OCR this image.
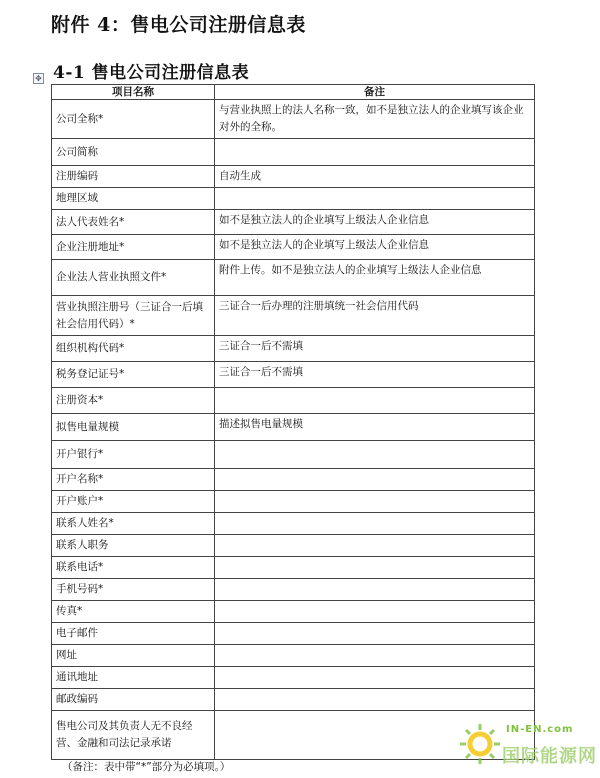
附件 4：售电公司注册信息表
✥ 4-1 售电公司注册信息表
项目名称	备注
公司全称*	与营业执照上的法人名称一致，如不是独立法人的企业填写该企业对外的全称。
公司简称	
注册编码	自动生成
地理区域	
法人代表姓名*	如不是独立法人的企业填写上级法人企业信息
企业注册地址*	如不是独立法人的企业填写上级法人企业信息
企业法人营业执照文件*	附件上传。如不是独立法人的企业填写上级法人企业信息
营业执照注册号（三证合一后填社会信用代码）*	三证合一后办理的注册填统一社会信用代码
组织机构代码*	三证合一后不需填
税务登记证号*	三证合一后不需填
注册资本*	
拟售电量规模	描述拟售电量规模
开户银行*	
开户名称*	
开户账户*	
联系人姓名*	
联系人职务	
联系电话*	
手机号码*	
传真*	
电子邮件	
网址	
通讯地址	
邮政编码	
售电公司及其负责人无不良经营、金融和司法记录承诺	
（备注：表中带“*”部分为必填项。）
IN-EN.com
国际能源网
